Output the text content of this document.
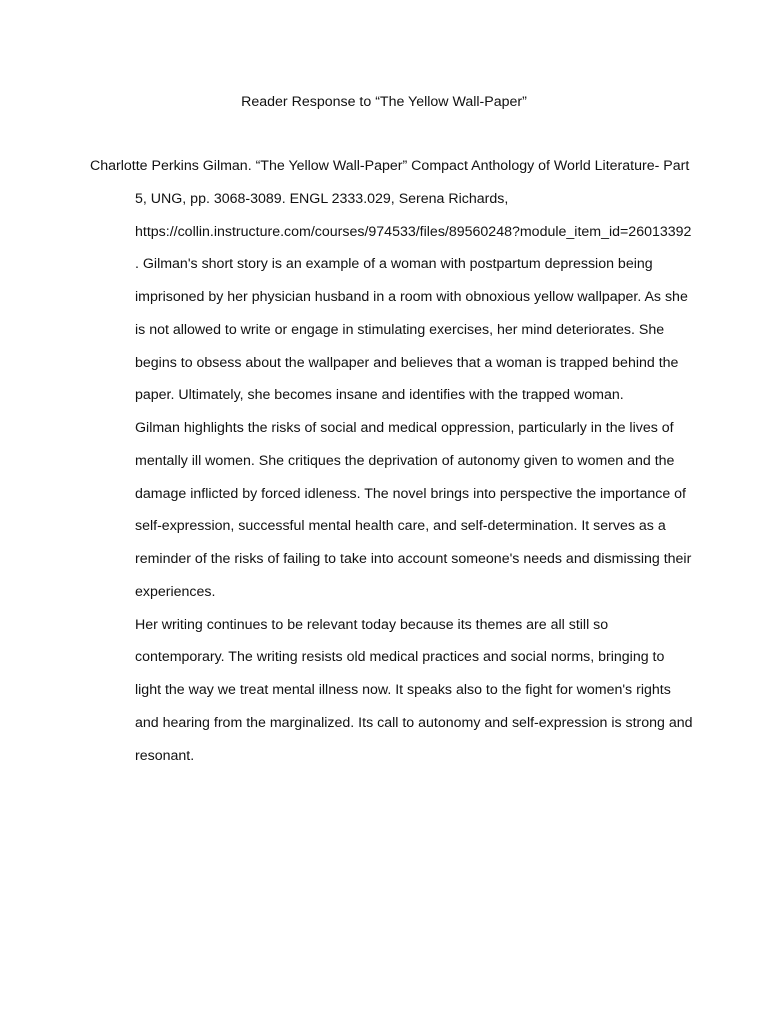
Reader Response to “The Yellow Wall-Paper”
Charlotte Perkins Gilman. “The Yellow Wall-Paper” Compact Anthology of World Literature- Part
5, UNG, pp. 3068-3089. ENGL 2333.029, Serena Richards,
https://collin.instructure.com/courses/974533/files/89560248?module_item_id=26013392
. Gilman's short story is an example of a woman with postpartum depression being
imprisoned by her physician husband in a room with obnoxious yellow wallpaper. As she
is not allowed to write or engage in stimulating exercises, her mind deteriorates. She
begins to obsess about the wallpaper and believes that a woman is trapped behind the
paper. Ultimately, she becomes insane and identifies with the trapped woman.
Gilman highlights the risks of social and medical oppression, particularly in the lives of
mentally ill women. She critiques the deprivation of autonomy given to women and the
damage inflicted by forced idleness. The novel brings into perspective the importance of
self-expression, successful mental health care, and self-determination. It serves as a
reminder of the risks of failing to take into account someone's needs and dismissing their
experiences.
Her writing continues to be relevant today because its themes are all still so
contemporary. The writing resists old medical practices and social norms, bringing to
light the way we treat mental illness now. It speaks also to the fight for women's rights
and hearing from the marginalized. Its call to autonomy and self-expression is strong and
resonant.
